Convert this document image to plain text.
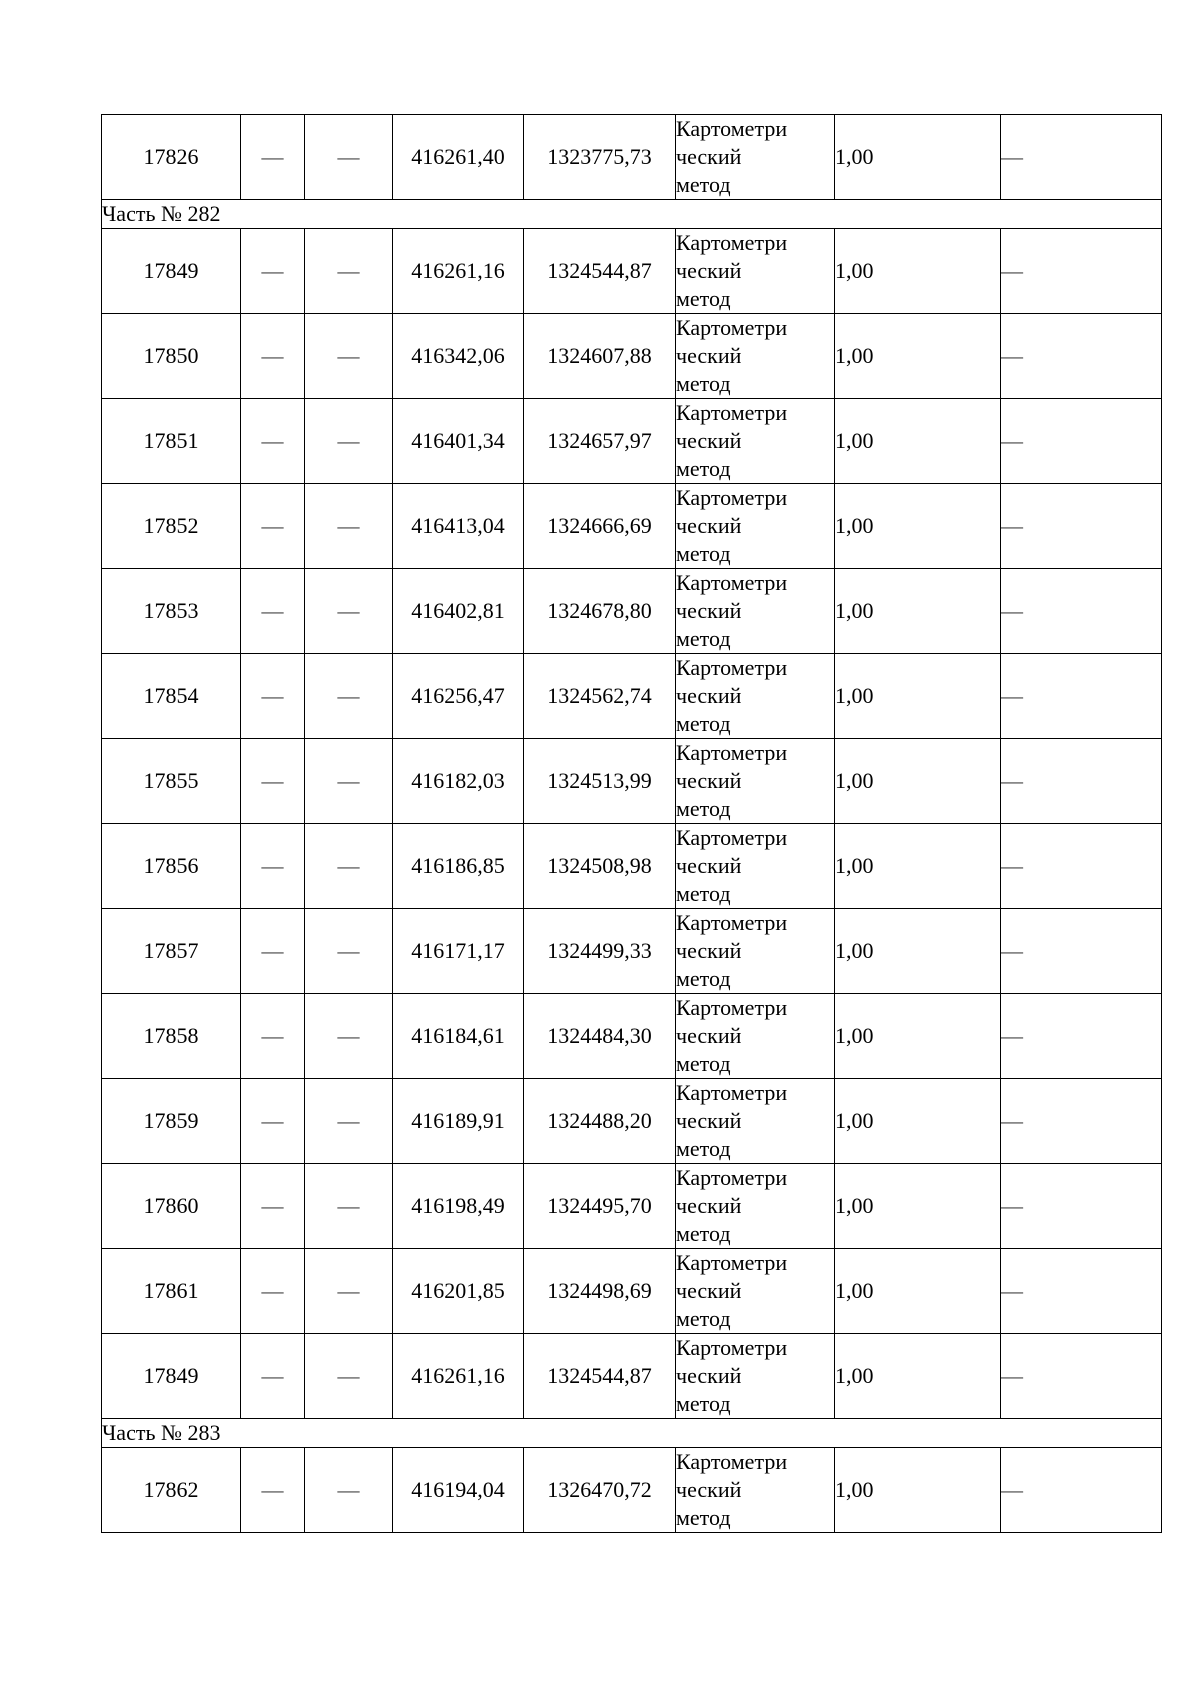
17826	—	—	416261,40	1323775,73	Картометри
ческий
метод	1,00	—
Часть № 282							
17849	—	—	416261,16	1324544,87	Картометри
ческий
метод	1,00	—
17850	—	—	416342,06	1324607,88	Картометри
ческий
метод	1,00	—
17851	—	—	416401,34	1324657,97	Картометри
ческий
метод	1,00	—
17852	—	—	416413,04	1324666,69	Картометри
ческий
метод	1,00	—
17853	—	—	416402,81	1324678,80	Картометри
ческий
метод	1,00	—
17854	—	—	416256,47	1324562,74	Картометри
ческий
метод	1,00	—
17855	—	—	416182,03	1324513,99	Картометри
ческий
метод	1,00	—
17856	—	—	416186,85	1324508,98	Картометри
ческий
метод	1,00	—
17857	—	—	416171,17	1324499,33	Картометри
ческий
метод	1,00	—
17858	—	—	416184,61	1324484,30	Картометри
ческий
метод	1,00	—
17859	—	—	416189,91	1324488,20	Картометри
ческий
метод	1,00	—
17860	—	—	416198,49	1324495,70	Картометри
ческий
метод	1,00	—
17861	—	—	416201,85	1324498,69	Картометри
ческий
метод	1,00	—
17849	—	—	416261,16	1324544,87	Картометри
ческий
метод	1,00	—
Часть № 283							
17862	—	—	416194,04	1326470,72	Картометри
ческий
метод	1,00	—
